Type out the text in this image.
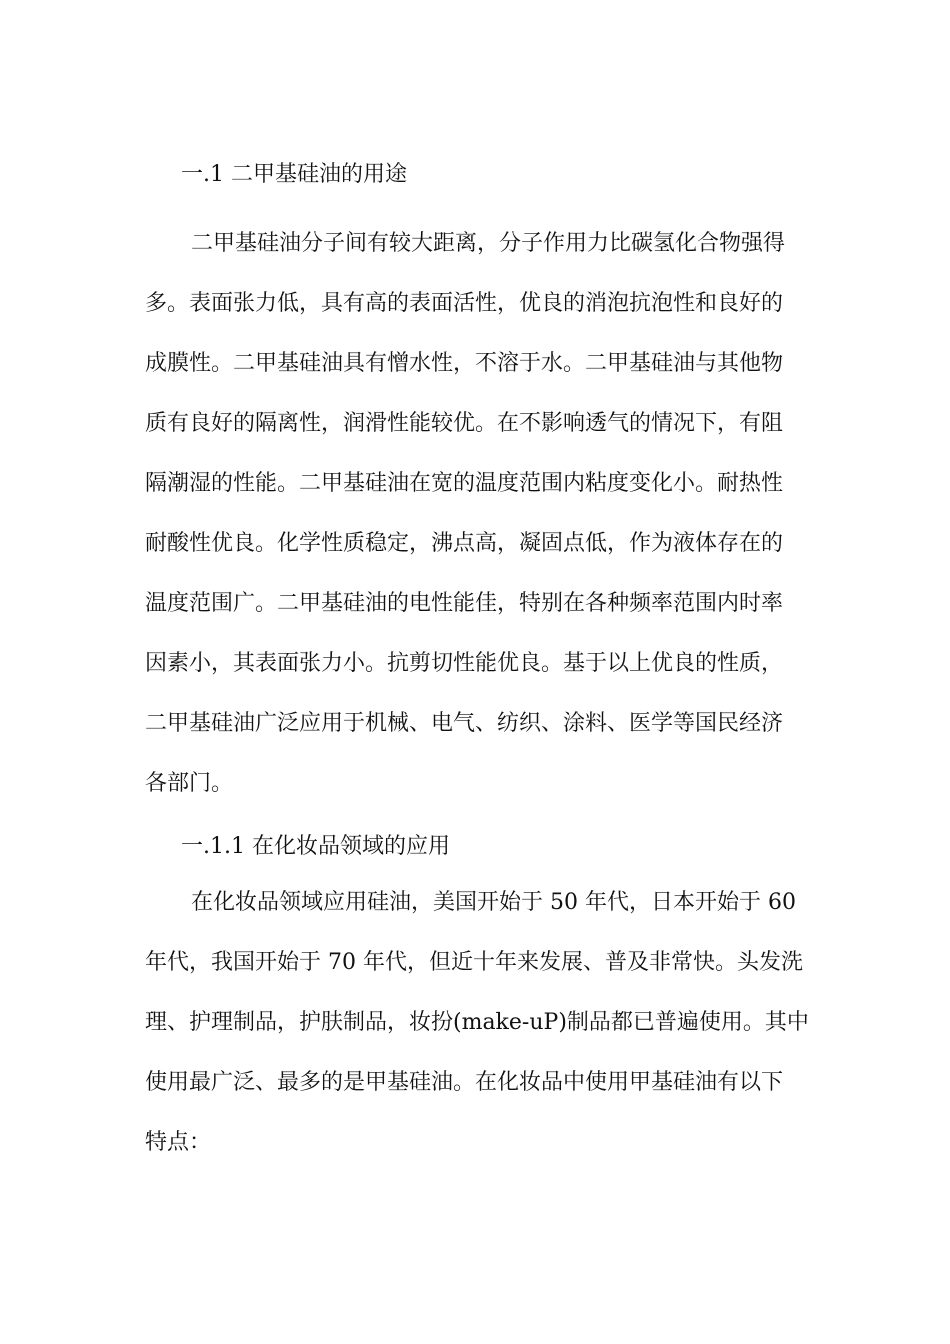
一.1 二甲基硅油的用途
二甲基硅油分子间有较大距离，分子作用力比碳氢化合物强得
多。表面张力低，具有高的表面活性，优良的消泡抗泡性和良好的
成膜性。二甲基硅油具有憎水性，不溶于水。二甲基硅油与其他物
质有良好的隔离性，润滑性能较优。在不影响透气的情况下，有阻
隔潮湿的性能。二甲基硅油在宽的温度范围内粘度变化小。耐热性
耐酸性优良。化学性质稳定，沸点高，凝固点低，作为液体存在的
温度范围广。二甲基硅油的电性能佳，特别在各种频率范围内时率
因素小，其表面张力小。抗剪切性能优良。基于以上优良的性质，
二甲基硅油广泛应用于机械、电气、纺织、涂料、医学等国民经济
各部门。
一.1.1 在化妆品领域的应用
在化妆品领域应用硅油，美国开始于 50 年代，日本开始于 60
年代，我国开始于 70 年代，但近十年来发展、普及非常快。头发洗
理、护理制品，护肤制品，妆扮(make-uP)制品都已普遍使用。其中
使用最广泛、最多的是甲基硅油。在化妆品中使用甲基硅油有以下
特点：
